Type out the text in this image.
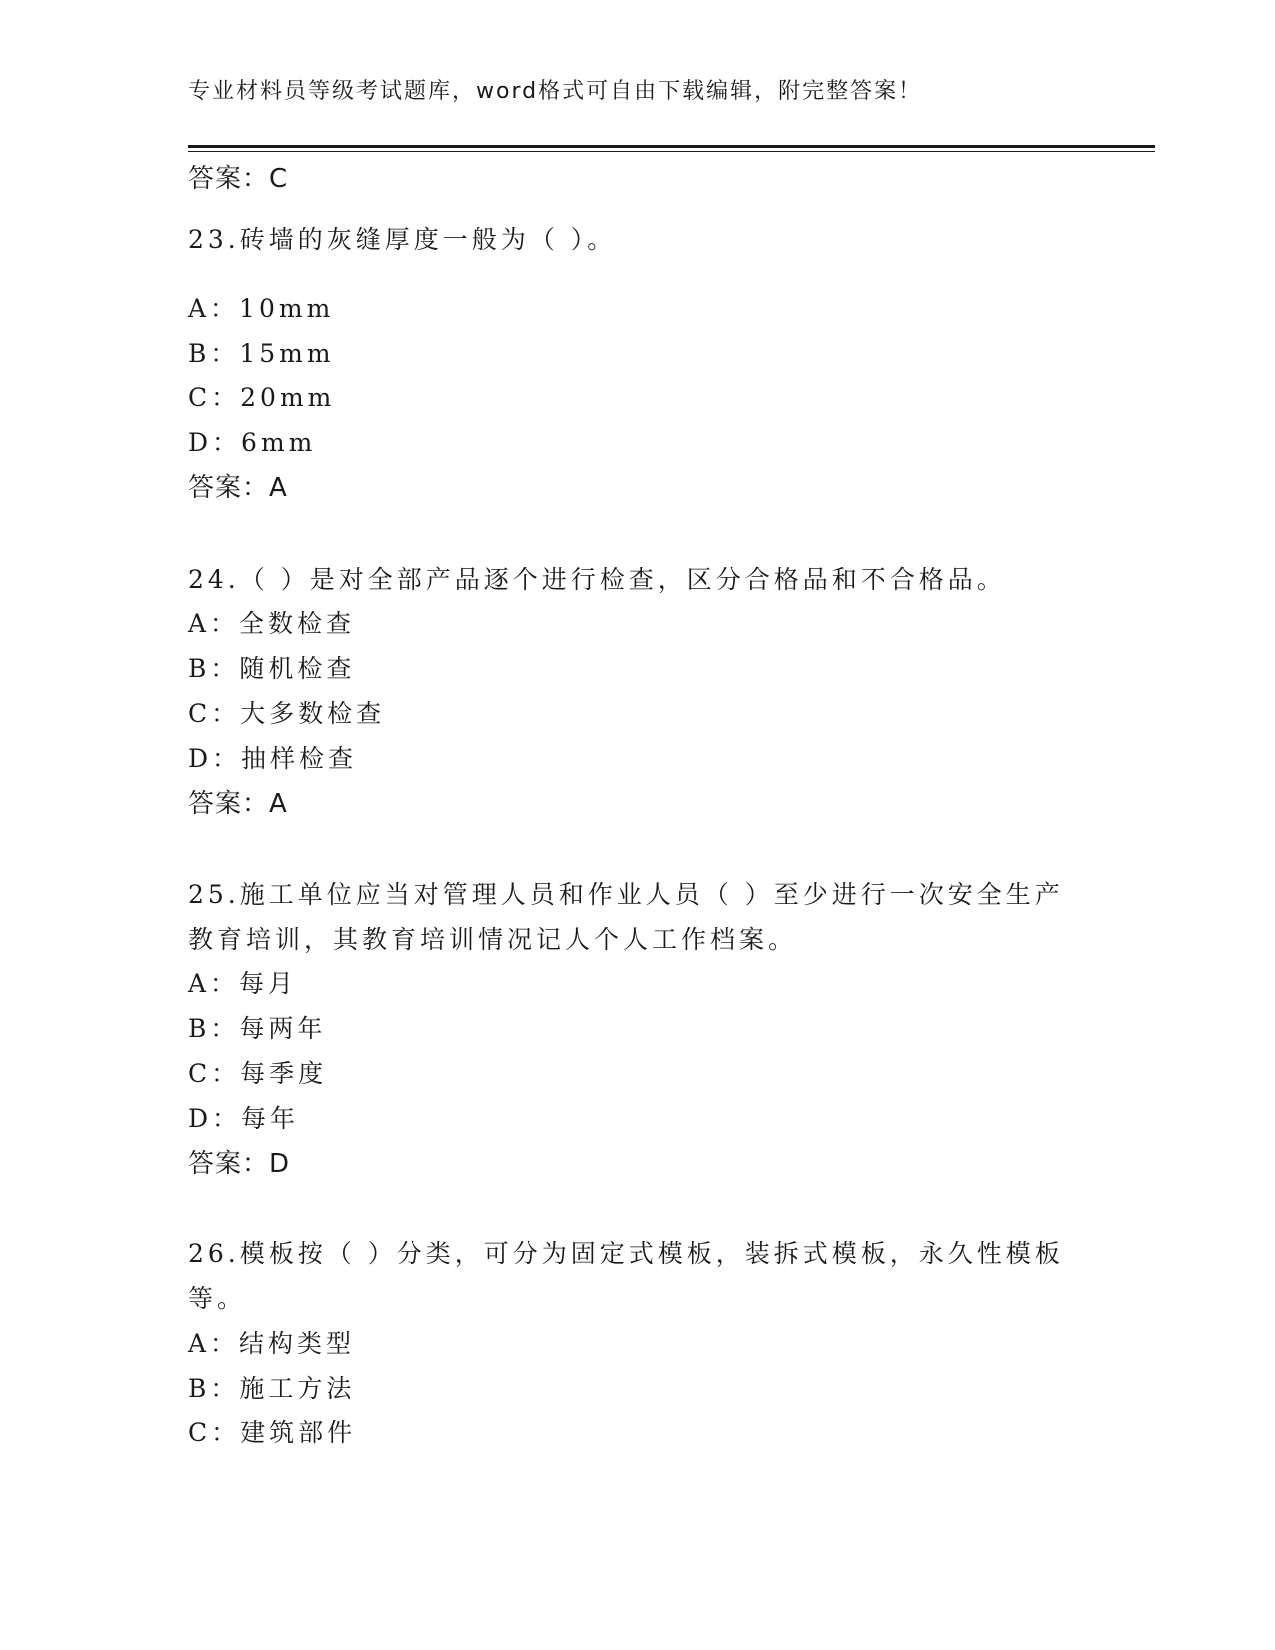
专业材料员等级考试题库，word格式可自由下载编辑，附完整答案！
答案：C
23.砖墙的灰缝厚度一般为（ ）。
A：10mm
B：15mm
C：20mm
D：6mm
答案：A
24.（ ）是对全部产品逐个进行检查，区分合格品和不合格品。
A：全数检查
B：随机检查
C：大多数检查
D：抽样检查
答案：A
25.施工单位应当对管理人员和作业人员（ ）至少进行一次安全生产
教育培训，其教育培训情况记人个人工作档案。
A：每月
B：每两年
C：每季度
D：每年
答案：D
26.模板按（ ）分类，可分为固定式模板，装拆式模板，永久性模板
等。
A：结构类型
B：施工方法
C：建筑部件
